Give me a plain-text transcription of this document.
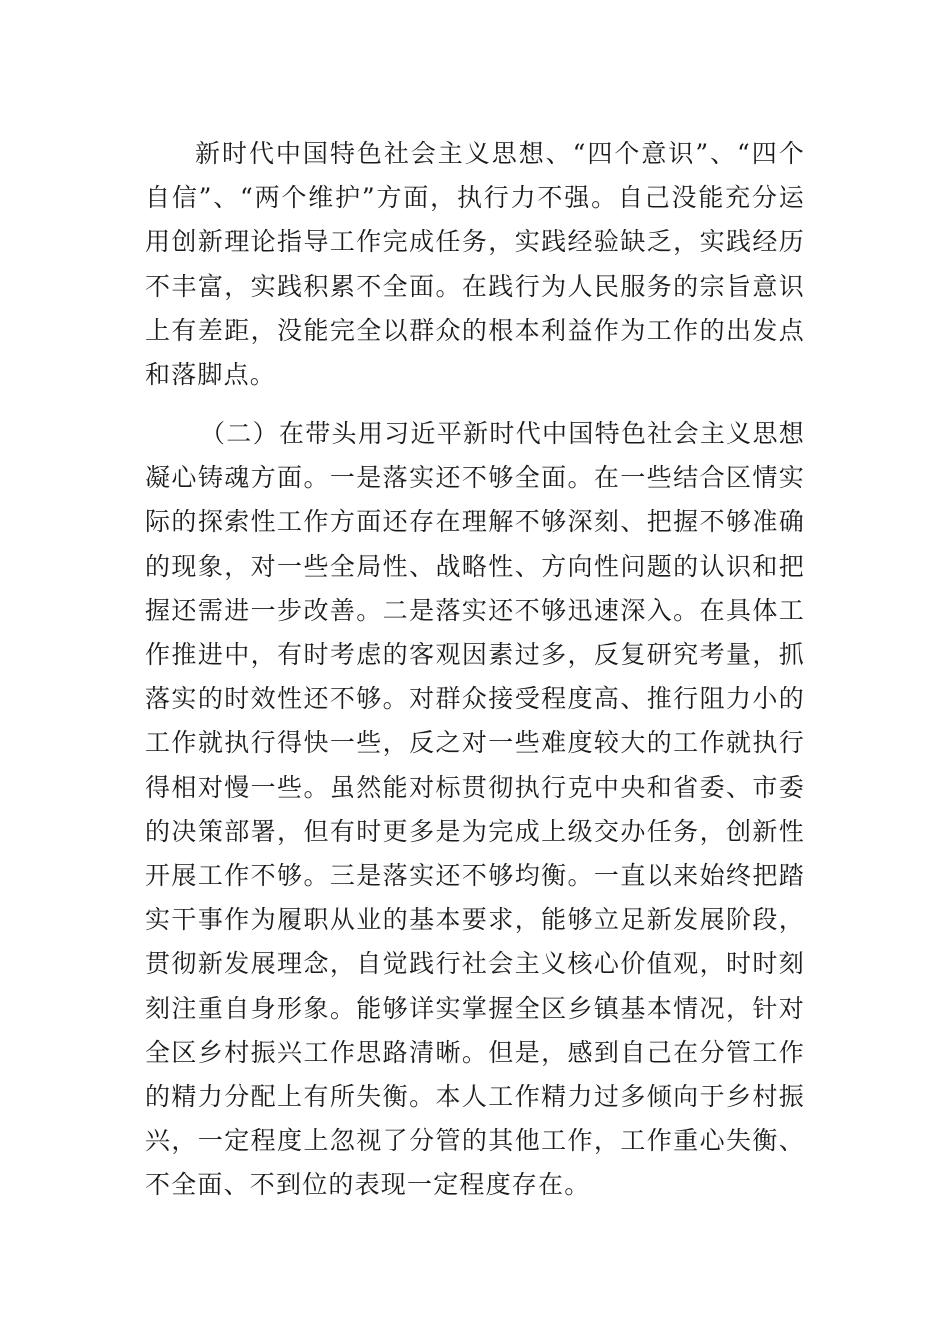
新时代中国特色社会主义思想、“四个意识”、“四个自信”、“两个维护”方面，执行力不强。自己没能充分运用创新理论指导工作完成任务，实践经验缺乏，实践经历不丰富，实践积累不全面。在践行为人民服务的宗旨意识上有差距，没能完全以群众的根本利益作为工作的出发点和落脚点。

（二）在带头用习近平新时代中国特色社会主义思想凝心铸魂方面。一是落实还不够全面。在一些结合区情实际的探索性工作方面还存在理解不够深刻、把握不够准确的现象，对一些全局性、战略性、方向性问题的认识和把握还需进一步改善。二是落实还不够迅速深入。在具体工作推进中，有时考虑的客观因素过多，反复研究考量，抓落实的时效性还不够。对群众接受程度高、推行阻力小的工作就执行得快一些，反之对一些难度较大的工作就执行得相对慢一些。虽然能对标贯彻执行克中央和省委、市委的决策部署，但有时更多是为完成上级交办任务，创新性开展工作不够。三是落实还不够均衡。一直以来始终把踏实干事作为履职从业的基本要求，能够立足新发展阶段，贯彻新发展理念，自觉践行社会主义核心价值观，时时刻刻注重自身形象。能够详实掌握全区乡镇基本情况，针对全区乡村振兴工作思路清晰。但是，感到自己在分管工作的精力分配上有所失衡。本人工作精力过多倾向于乡村振兴，一定程度上忽视了分管的其他工作，工作重心失衡、不全面、不到位的表现一定程度存在。
